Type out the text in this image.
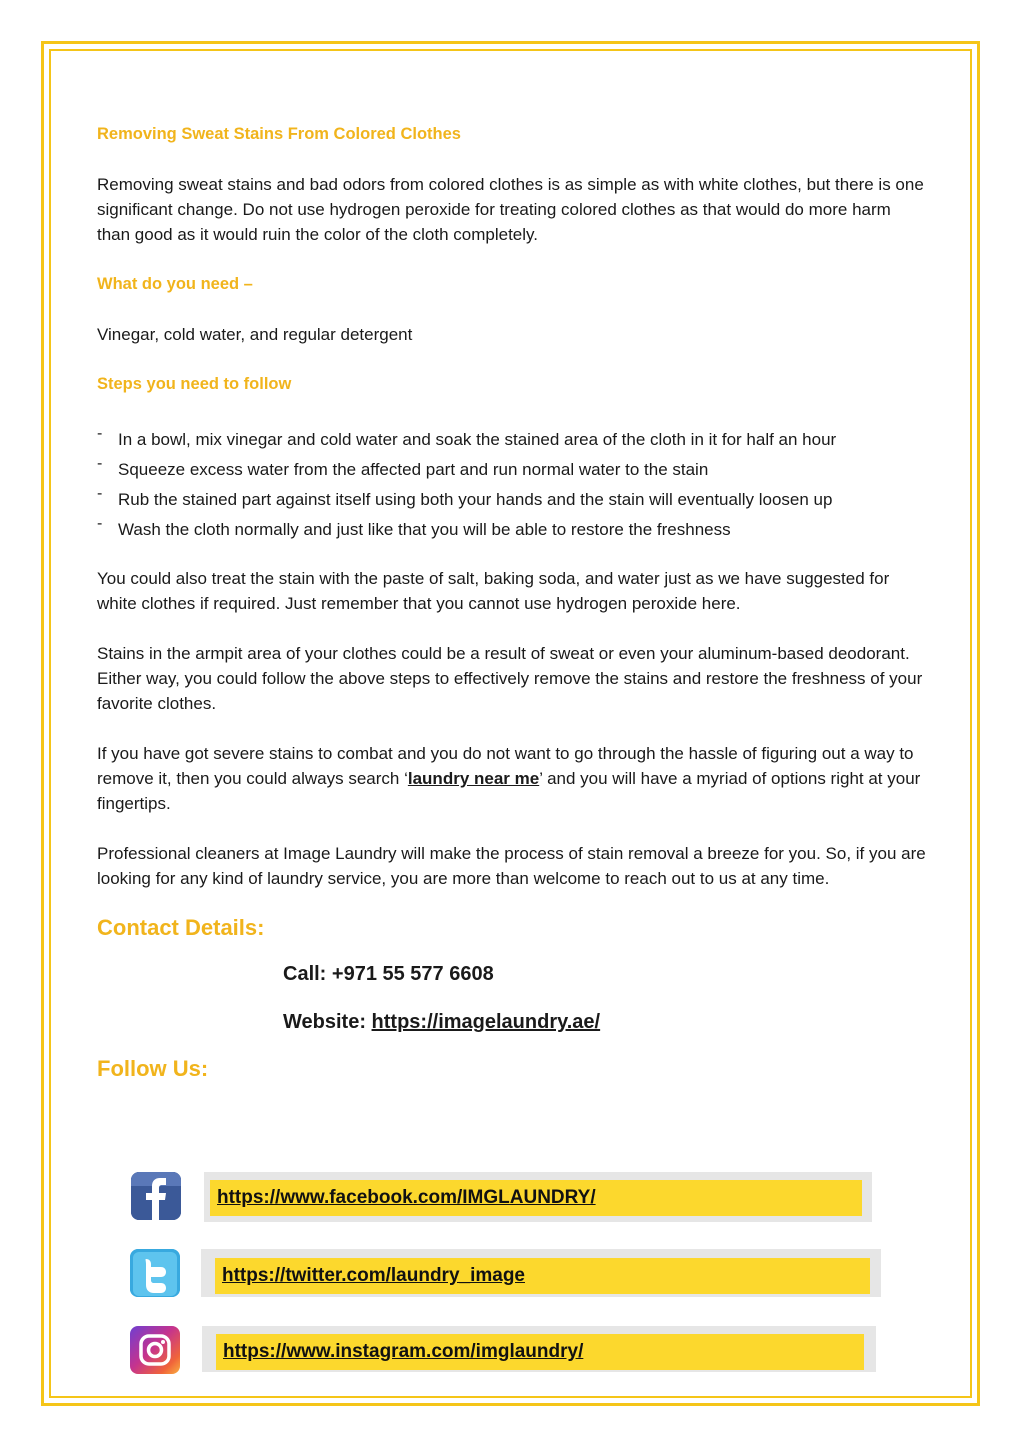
Removing Sweat Stains From Colored Clothes

Removing sweat stains and bad odors from colored clothes is as simple as with white clothes, but there is one significant change. Do not use hydrogen peroxide for treating colored clothes as that would do more harm than good as it would ruin the color of the cloth completely.

What do you need –

Vinegar, cold water, and regular detergent

Steps you need to follow
- In a bowl, mix vinegar and cold water and soak the stained area of the cloth in it for half an hour
- Squeeze excess water from the affected part and run normal water to the stain
- Rub the stained part against itself using both your hands and the stain will eventually loosen up
- Wash the cloth normally and just like that you will be able to restore the freshness

You could also treat the stain with the paste of salt, baking soda, and water just as we have suggested for white clothes if required. Just remember that you cannot use hydrogen peroxide here.

Stains in the armpit area of your clothes could be a result of sweat or even your aluminum-based deodorant. Either way, you could follow the above steps to effectively remove the stains and restore the freshness of your favorite clothes.

If you have got severe stains to combat and you do not want to go through the hassle of figuring out a way to remove it, then you could always search ‘laundry near me’ and you will have a myriad of options right at your fingertips.

Professional cleaners at Image Laundry will make the process of stain removal a breeze for you. So, if you are looking for any kind of laundry service, you are more than welcome to reach out to us at any time.

Contact Details:
Call: +971 55 577 6608
Website: https://imagelaundry.ae/
Follow Us:
https://www.facebook.com/IMGLAUNDRY/
https://twitter.com/laundry_image
https://www.instagram.com/imglaundry/
